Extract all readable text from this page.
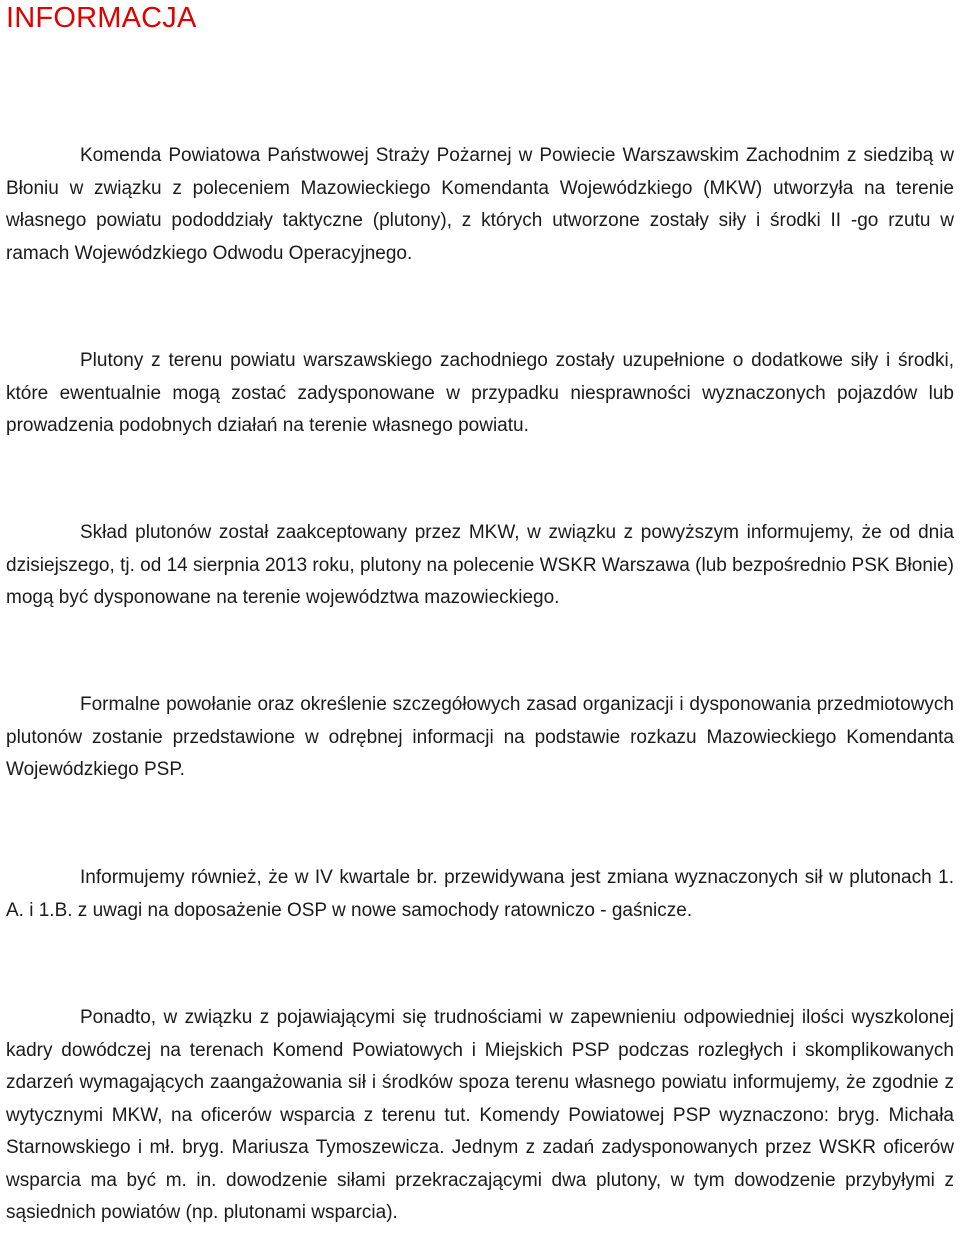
INFORMACJA

Komenda Powiatowa Państwowej Straży Pożarnej w Powiecie Warszawskim Zachodnim z siedzibą w Błoniu w związku z poleceniem Mazowieckiego Komendanta Wojewódzkiego (MKW) utworzyła na terenie własnego powiatu pododdziały taktyczne (plutony), z których utworzone zostały siły i środki II -go rzutu w ramach Wojewódzkiego Odwodu Operacyjnego.

Plutony z terenu powiatu warszawskiego zachodniego zostały uzupełnione o dodatkowe siły i środki, które ewentualnie mogą zostać zadysponowane w przypadku niesprawności wyznaczonych pojazdów lub prowadzenia podobnych działań na terenie własnego powiatu.

Skład plutonów został zaakceptowany przez MKW, w związku z powyższym informujemy, że od dnia dzisiejszego, tj. od 14 sierpnia 2013 roku, plutony na polecenie WSKR Warszawa (lub bezpośrednio PSK Błonie) mogą być dysponowane na terenie województwa mazowieckiego.

Formalne powołanie oraz określenie szczegółowych zasad organizacji i dysponowania przedmiotowych plutonów zostanie przedstawione w odrębnej informacji na podstawie rozkazu Mazowieckiego Komendanta Wojewódzkiego PSP.

Informujemy również, że w IV kwartale br. przewidywana jest zmiana wyznaczonych sił w plutonach 1. A. i 1.B. z uwagi na doposażenie OSP w nowe samochody ratowniczo - gaśnicze.

Ponadto, w związku z pojawiającymi się trudnościami w zapewnieniu odpowiedniej ilości wyszkolonej kadry dowódczej na terenach Komend Powiatowych i Miejskich PSP podczas rozległych i skomplikowanych zdarzeń wymagających zaangażowania sił i środków spoza terenu własnego powiatu informujemy, że zgodnie z wytycznymi MKW, na oficerów wsparcia z terenu tut. Komendy Powiatowej PSP wyznaczono: bryg. Michała Starnowskiego i mł. bryg. Mariusza Tymoszewicza. Jednym z zadań zadysponowanych przez WSKR oficerów wsparcia ma być m. in. dowodzenie siłami przekraczającymi dwa plutony, w tym dowodzenie przybyłymi z sąsiednich powiatów (np. plutonami wsparcia).
